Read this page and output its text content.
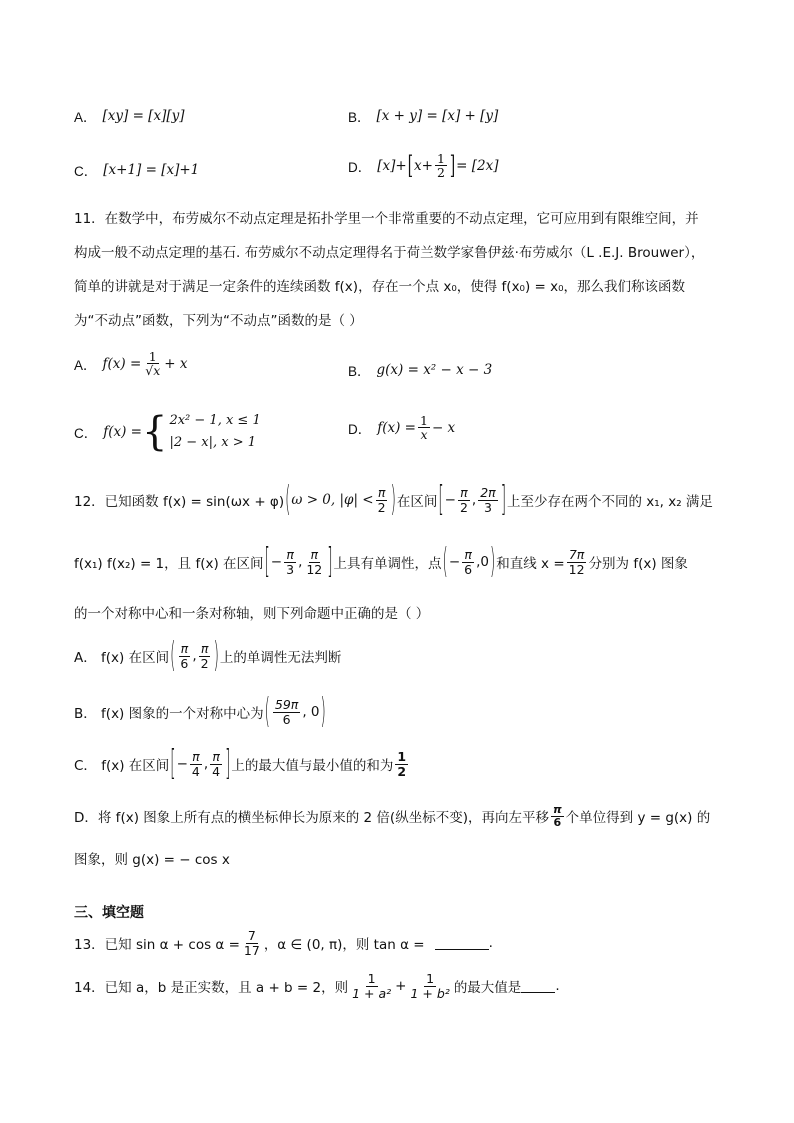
A． [xy] = [x][y]	B． [x + y] = [x] + [y]
C． [x+1] = [x]+1	D． [x]+ [ $x+ \frac{1}{2}$ ] = [2x]
11．在数学中，布劳威尔不动点定理是拓扑学里一个非常重要的不动点定理，它可应用到有限维空间，并
构成一般不动点定理的基石. 布劳威尔不动点定理得名于荷兰数学家鲁伊兹·布劳威尔（L .E.J. Brouwer），
简单的讲就是对于满足一定条件的连续函数 f(x)，存在一个点 x₀，使得 f(x₀) = x₀，那么我们称该函数
为“不动点”函数，下列为“不动点”函数的是（ ）
A． $f(x) = \frac{1}{√x} + x$	B． g(x) = x² − x − 3
C． f(x) = { 2x² − 1, x ≤ 1
|2 − x|, x > 1
D． $f(x) = \frac{1}{x} - x$
12．已知函数 f(x) = sin(ωx + φ) ( ω > 0, $|\varphi| < \frac{\pi}{2}$ ) 在区间 [ − $\frac{\pi}{2}$ , $\frac{2\pi}{3}$ ] 上至少存在两个不同的 x₁, x₂ 满足
f(x₁) f(x₂) = 1，且 f(x) 在区间 [ − $\frac{\pi}{3}$ , $\frac{\pi}{12}$ ] 上具有单调性，点 ( − $\frac{\pi}{6} ,0$ ) 和直线 $x = \frac{7\pi}{12}$ 分别为 f(x) 图象
的一个对称中心和一条对称轴，则下列命题中正确的是（ ）
A． f(x) 在区间 ( $\frac{\pi}{6}$ , $\frac{\pi}{2}$ ) 上的单调性无法判断
B． f(x) 图象的一个对称中心为 ( $\frac{59\pi}{6}$ , 0 )
C． f(x) 在区间 [ − $\frac{\pi}{4}$ , $\frac{\pi}{4}$ ] 上的最大值与最小值的和为 $\frac{1}{2}$
D．将 f(x) 图象上所有点的横坐标伸长为原来的 2 倍(纵坐标不变)，再向左平移 $\frac{\pi}{6}$ 个单位得到 y = g(x) 的
图象，则 g(x) = − cos x
三、填空题
13．已知 $\sin \alpha + \cos \alpha = \frac{7}{17}$ ，α ∈ (0, π)，则 tan α =	.
14．已知 a，b 是正实数，且 a + b = 2，则 $\frac{1}{\text{1 + a²}} + \frac{1}{\text{1 + b²}}$ 的最大值是	.
